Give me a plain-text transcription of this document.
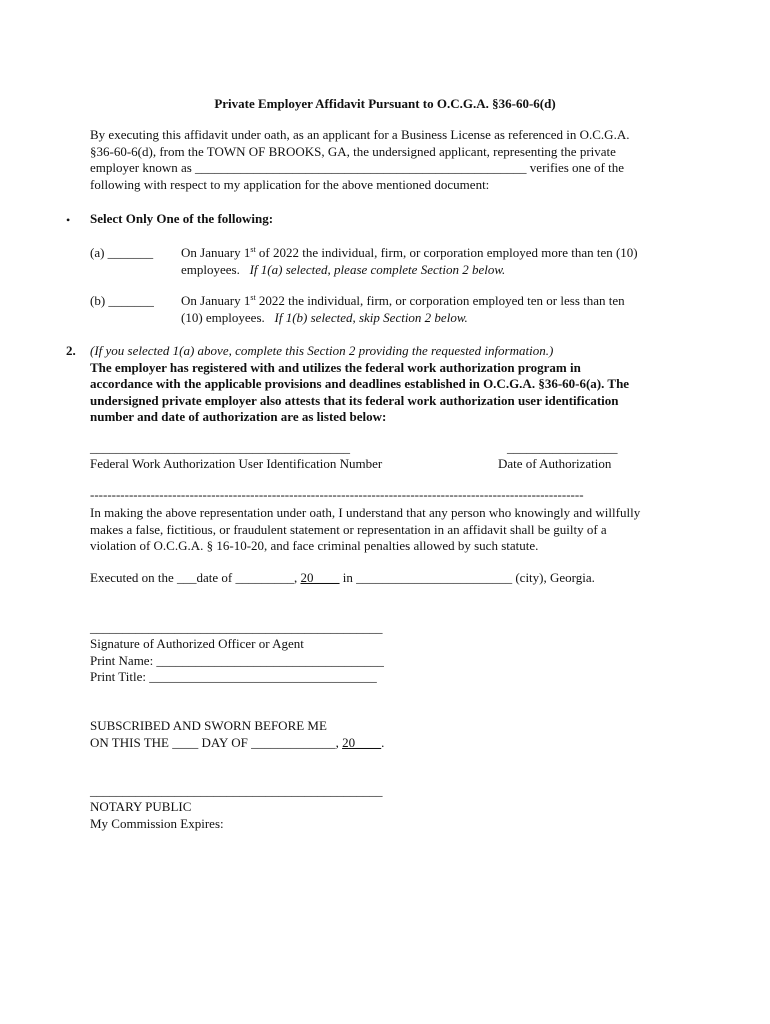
Private Employer Affidavit Pursuant to O.C.G.A. §36-60-6(d)
By executing this affidavit under oath, as an applicant for a Business License as referenced in O.C.G.A.
§36-60-6(d), from the TOWN OF BROOKS, GA, the undersigned applicant, representing the private
employer known as ___________________________________________________ verifies one of the
following with respect to my application for the above mentioned document:
• Select Only One of the following:
(a) _______ On January 1st of 2022 the individual, firm, or corporation employed more than ten (10)
employees. If 1(a) selected, please complete Section 2 below.
(b) _______ On January 1st 2022 the individual, firm, or corporation employed ten or less than ten
(10) employees. If 1(b) selected, skip Section 2 below.
2. (If you selected 1(a) above, complete this Section 2 providing the requested information.)
The employer has registered with and utilizes the federal work authorization program in
accordance with the applicable provisions and deadlines established in O.C.G.A. §36-60-6(a). The
undersigned private employer also attests that its federal work authorization user identification
number and date of authorization are as listed below:
________________________________________	_________________
Federal Work Authorization User Identification Number	Date of Authorization
------------------------------------------------------------------------------------------------------------------
In making the above representation under oath, I understand that any person who knowingly and willfully
makes a false, fictitious, or fraudulent statement or representation in an affidavit shall be guilty of a
violation of O.C.G.A. § 16-10-20, and face criminal penalties allowed by such statute.
Executed on the ___date of _________, 20____ in ________________________ (city), Georgia.
_____________________________________________
Signature of Authorized Officer or Agent
Print Name: ___________________________________
Print Title: ___________________________________
SUBSCRIBED AND SWORN BEFORE ME
ON THIS THE ____ DAY OF _____________, 20____.
_____________________________________________
NOTARY PUBLIC
My Commission Expires:
